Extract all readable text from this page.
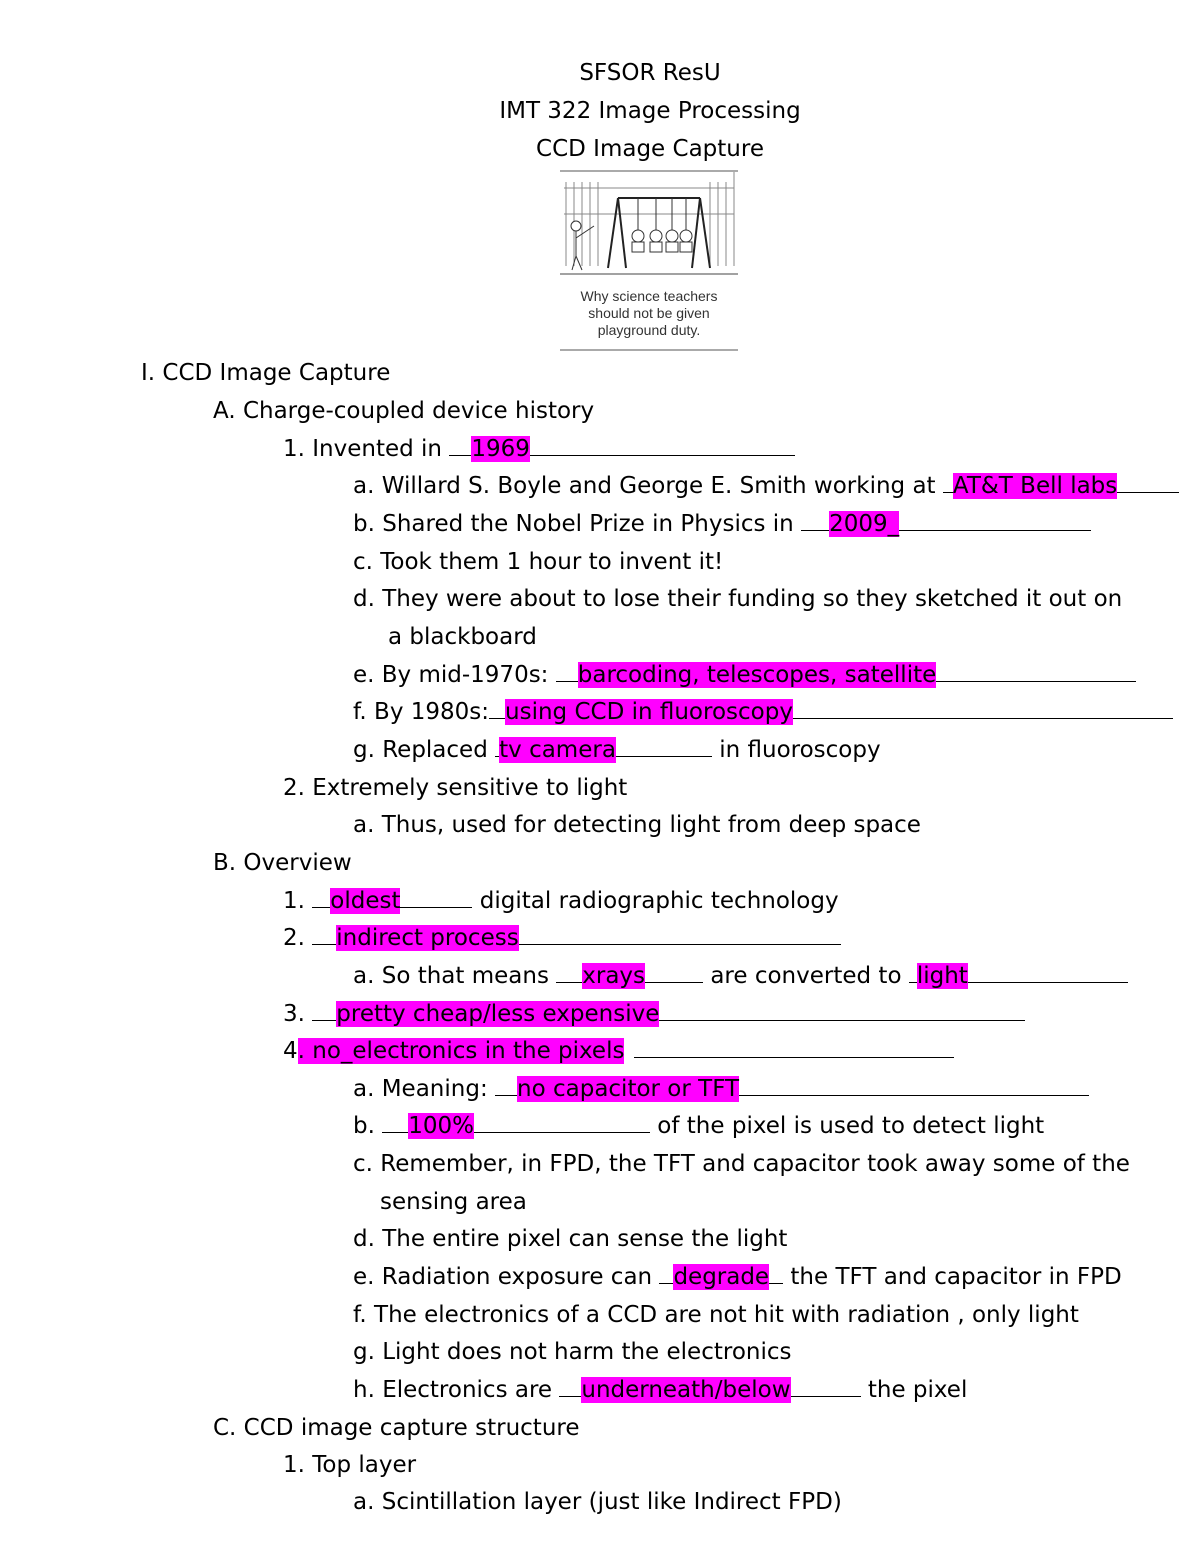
SFSOR ResU
IMT 322 Image Processing
CCD Image Capture
Why science teachers
should not be given
playground duty.
I. CCD Image Capture
A. Charge-coupled device history
1. Invented in 1969
a. Willard S. Boyle and George E. Smith working at AT&T Bell labs
b. Shared the Nobel Prize in Physics in 2009_
c. Took them 1 hour to invent it!
d. They were about to lose their funding so they sketched it out on
a blackboard
e. By mid-1970s: barcoding, telescopes, satellite
f. By 1980s: using CCD in fluoroscopy
g. Replaced tv camera	in fluoroscopy
2. Extremely sensitive to light
a. Thus, used for detecting light from deep space
B. Overview
1. oldest	digital radiographic technology
2. indirect process
a. So that means xrays	are converted to light
3. pretty cheap/less expensive
4. no_electronics in the pixels
a. Meaning: no capacitor or TFT
b. 100%	of the pixel is used to detect light
c. Remember, in FPD, the TFT and capacitor took away some of the
sensing area
d. The entire pixel can sense the light
e. Radiation exposure can degrade the TFT and capacitor in FPD
f. The electronics of a CCD are not hit with radiation , only light
g. Light does not harm the electronics
h. Electronics are underneath/below	the pixel
C. CCD image capture structure
1. Top layer
a. Scintillation layer (just like Indirect FPD)
